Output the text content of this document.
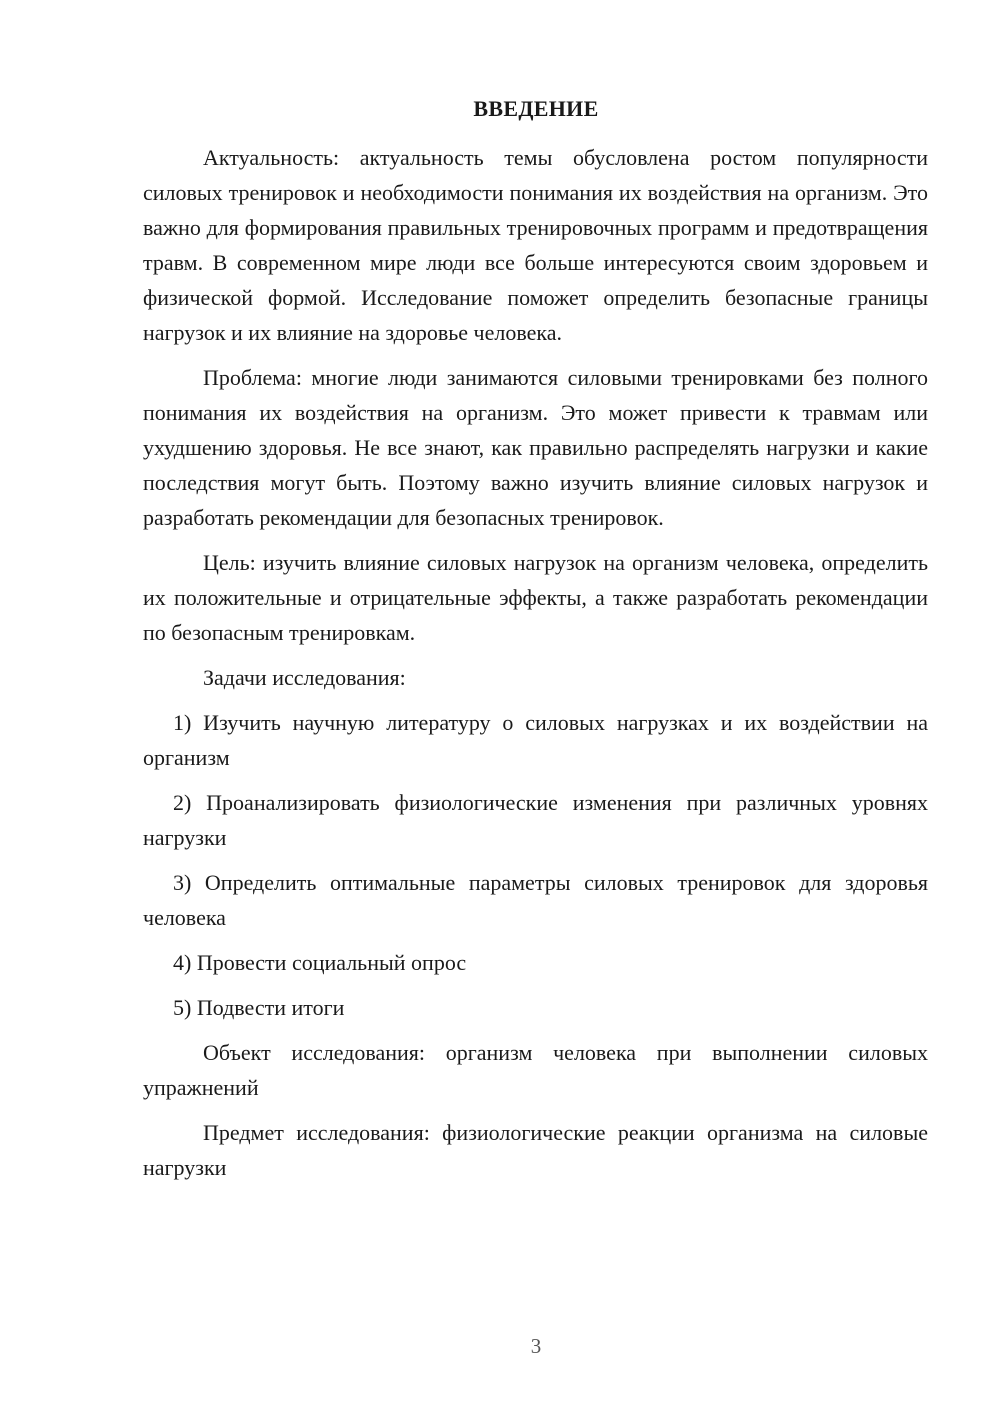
ВВЕДЕНИЕ

Актуальность: актуальность темы обусловлена ростом популярности силовых тренировок и необходимости понимания их воздействия на организм. Это важно для формирования правильных тренировочных программ и предотвращения травм. В современном мире люди все больше интересуются своим здоровьем и физической формой. Исследование поможет определить безопасные границы нагрузок и их влияние на здоровье человека.

Проблема: многие люди занимаются силовыми тренировками без полного понимания их воздействия на организм. Это может привести к травмам или ухудшению здоровья. Не все знают, как правильно распределять нагрузки и какие последствия могут быть. Поэтому важно изучить влияние силовых нагрузок и разработать рекомендации для безопасных тренировок.

Цель: изучить влияние силовых нагрузок на организм человека, определить их положительные и отрицательные эффекты, а также разработать рекомендации по безопасным тренировкам.

Задачи исследования:

1) Изучить научную литературу о силовых нагрузках и их воздействии на организм

2) Проанализировать физиологические изменения при различных уровнях нагрузки

3) Определить оптимальные параметры силовых тренировок для здоровья человека

4) Провести социальный опрос

5) Подвести итоги

Объект исследования: организм человека при выполнении силовых упражнений

Предмет исследования: физиологические реакции организма на силовые нагрузки

3
